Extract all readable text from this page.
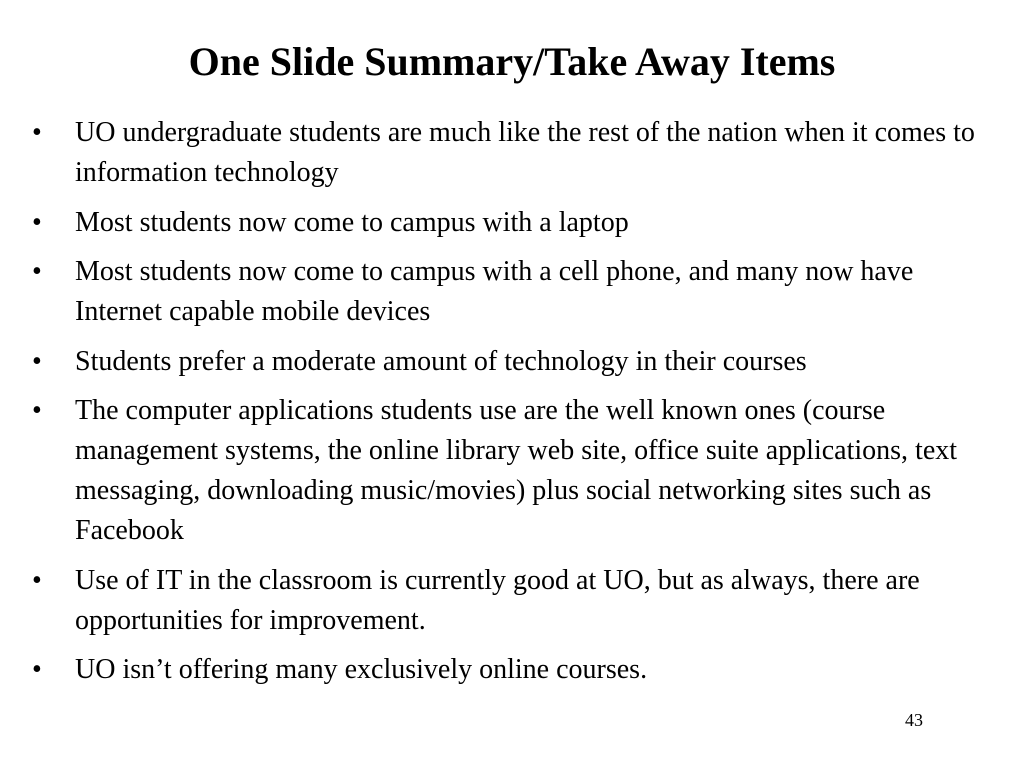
One Slide Summary/Take Away Items
•	UO undergraduate students are much like the rest of the nation when it comes to information technology
•	Most students now come to campus with a laptop
•	Most students now come to campus with a cell phone, and many now have Internet capable mobile devices
•	Students prefer a moderate amount of technology in their courses
•	The computer applications students use are the well known ones (course management systems, the online library web site, office suite applications, text messaging, downloading music/movies) plus social networking sites such as Facebook
•	Use of IT in the classroom is currently good at UO, but as always, there are opportunities for improvement.
•	UO isn’t offering many exclusively online courses.
43
